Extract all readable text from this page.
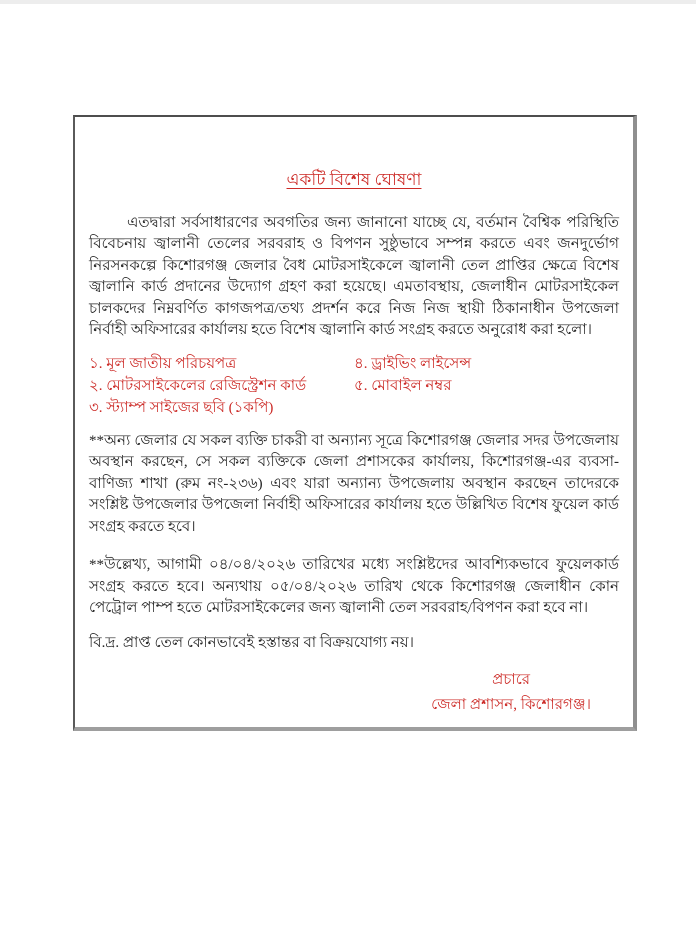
একটি বিশেষ ঘোষণা

এতদ্বারা সর্বসাধারণের অবগতির জন্য জানানো যাচ্ছে যে, বর্তমান বৈশ্বিক পরিস্থিতি বিবেচনায় জ্বালানী তেলের সরবরাহ ও বিপণন সুষ্ঠুভাবে সম্পন্ন করতে এবং জনদুর্ভোগ নিরসনকল্পে কিশোরগঞ্জ জেলার বৈধ মোটরসাইকেলে জ্বালানী তেল প্রাপ্তির ক্ষেত্রে বিশেষ জ্বালানি কার্ড প্রদানের উদ্যোগ গ্রহণ করা হয়েছে। এমতাবস্থায়, জেলাধীন মোটরসাইকেল চালকদের নিম্নবর্ণিত কাগজপত্র/তথ্য প্রদর্শন করে নিজ নিজ স্থায়ী ঠিকানাধীন উপজেলা নির্বাহী অফিসারের কার্যালয় হতে বিশেষ জ্বালানি কার্ড সংগ্রহ করতে অনুরোধ করা হলো।

১. মূল জাতীয় পরিচয়পত্র
২. মোটরসাইকেলের রেজিস্ট্রেশন কার্ড
৩. স্ট্যাম্প সাইজের ছবি (১কপি)
৪. ড্রাইভিং লাইসেন্স
৫. মোবাইল নম্বর

**অন্য জেলার যে সকল ব্যক্তি চাকরী বা অন্যান্য সূত্রে কিশোরগঞ্জ জেলার সদর উপজেলায় অবস্থান করছেন, সে সকল ব্যক্তিকে জেলা প্রশাসকের কার্যালয়, কিশোরগঞ্জ-এর ব্যবসা-বাণিজ্য শাখা (রুম নং-২৩৬) এবং যারা অন্যান্য উপজেলায় অবস্থান করছেন তাদেরকে সংশ্লিষ্ট উপজেলার উপজেলা নির্বাহী অফিসারের কার্যালয় হতে উল্লিখিত বিশেষ ফুয়েল কার্ড সংগ্রহ করতে হবে।

**উল্লেখ্য, আগামী ০৪/০৪/২০২৬ তারিখের মধ্যে সংশ্লিষ্টদের আবশ্যিকভাবে ফুয়েলকার্ড সংগ্রহ করতে হবে। অন্যথায় ০৫/০৪/২০২৬ তারিখ থেকে কিশোরগঞ্জ জেলাধীন কোন পেট্রোল পাম্প হতে মোটরসাইকেলের জন্য জ্বালানী তেল সরবরাহ/বিপণন করা হবে না।

বি.দ্র. প্রাপ্ত তেল কোনভাবেই হস্তান্তর বা বিক্রয়যোগ্য নয়।

প্রচারে
জেলা প্রশাসন, কিশোরগঞ্জ।
